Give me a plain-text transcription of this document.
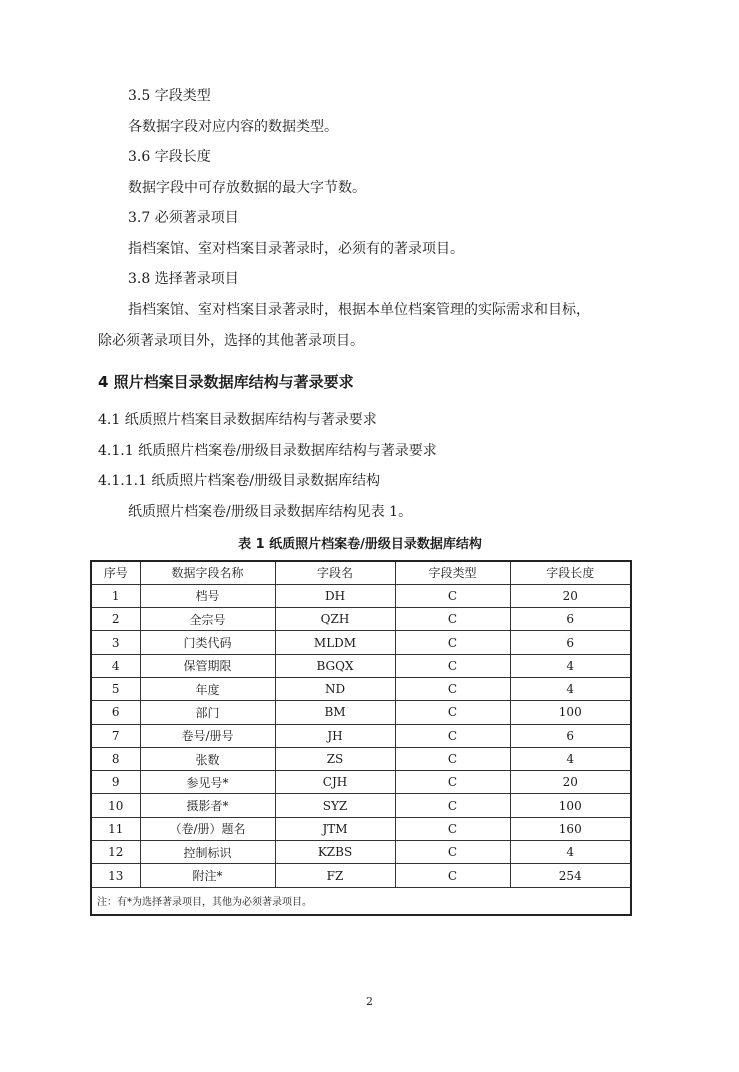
3.5 字段类型
各数据字段对应内容的数据类型。
3.6 字段长度
数据字段中可存放数据的最大字节数。
3.7 必须著录项目
指档案馆、室对档案目录著录时，必须有的著录项目。
3.8 选择著录项目
指档案馆、室对档案目录著录时，根据本单位档案管理的实际需求和目标，
除必须著录项目外，选择的其他著录项目。
4 照片档案目录数据库结构与著录要求
4.1 纸质照片档案目录数据库结构与著录要求
4.1.1 纸质照片档案卷/册级目录数据库结构与著录要求
4.1.1.1 纸质照片档案卷/册级目录数据库结构
纸质照片档案卷/册级目录数据库结构见表 1。
表 1 纸质照片档案卷/册级目录数据库结构
序号	数据字段名称	字段名	字段类型	字段长度
1	档号	DH	C	20
2	全宗号	QZH	C	6
3	门类代码	MLDM	C	6
4	保管期限	BGQX	C	4
5	年度	ND	C	4
6	部门	BM	C	100
7	卷号/册号	JH	C	6
8	张数	ZS	C	4
9	参见号*	CJH	C	20
10	摄影者*	SYZ	C	100
11	（卷/册）题名	JTM	C	160
12	控制标识	KZBS	C	4
13	附注*	FZ	C	254
注：有*为选择著录项目，其他为必须著录项目。				
2
